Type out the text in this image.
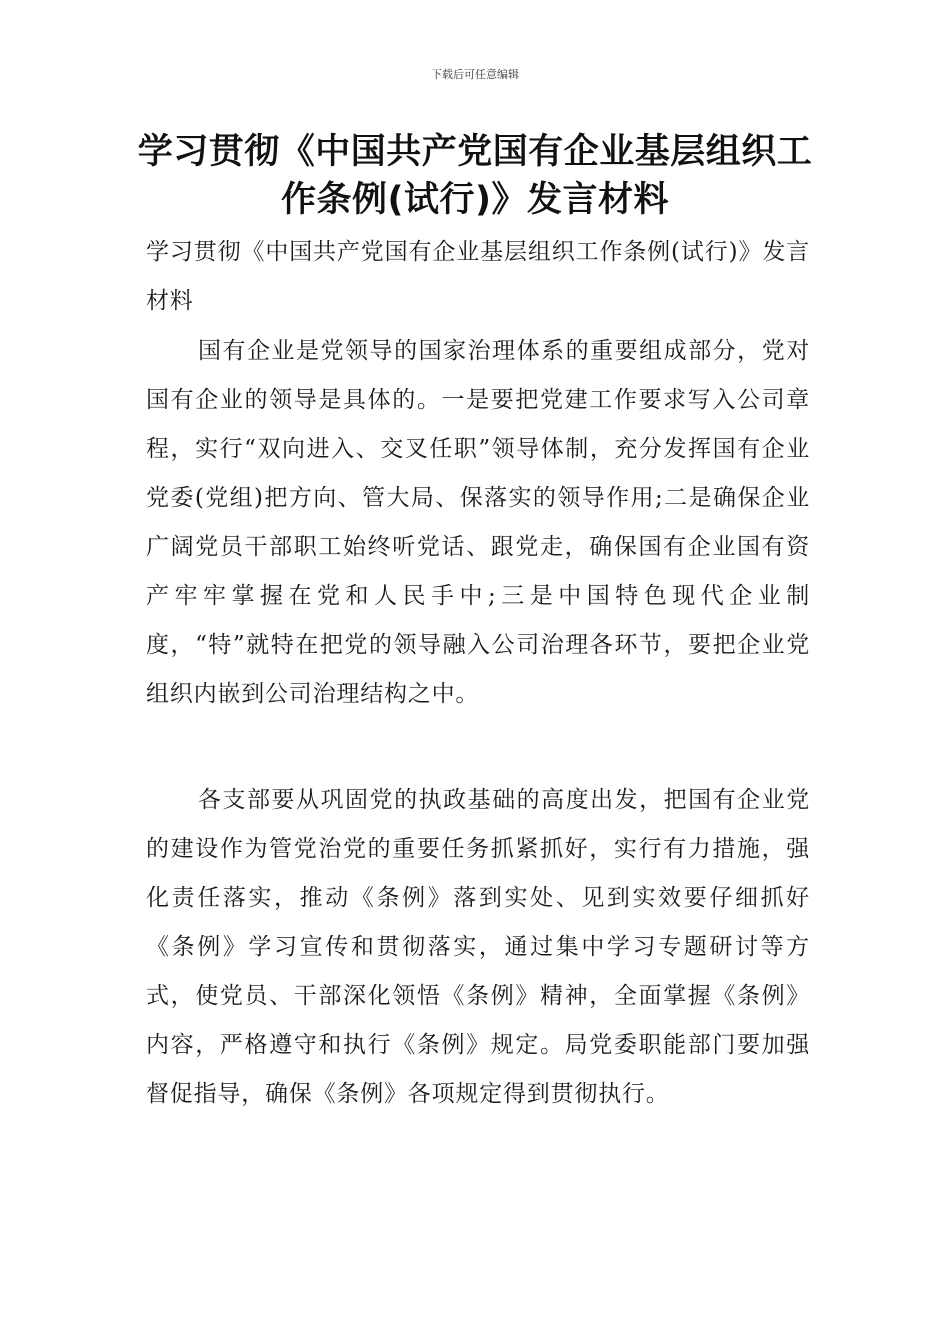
下载后可任意编辑
学习贯彻《中国共产党国有企业基层组织工作条例(试行)》发言材料
学习贯彻《中国共产党国有企业基层组织工作条例(试行)》发言材料
国有企业是党领导的国家治理体系的重要组成部分，党对国有企业的领导是具体的。一是要把党建工作要求写入公司章程，实行“双向进入、交叉任职”领导体制，充分发挥国有企业党委(党组)把方向、管大局、保落实的领导作用;二是确保企业广阔党员干部职工始终听党话、跟党走，确保国有企业国有资产牢牢掌握在党和人民手中;三是中国特色现代企业制度，“特”就特在把党的领导融入公司治理各环节，要把企业党组织内嵌到公司治理结构之中。
各支部要从巩固党的执政基础的高度出发，把国有企业党的建设作为管党治党的重要任务抓紧抓好，实行有力措施，强化责任落实，推动《条例》落到实处、见到实效要仔细抓好《条例》学习宣传和贯彻落实，通过集中学习专题研讨等方式，使党员、干部深化领悟《条例》精神，全面掌握《条例》内容，严格遵守和执行《条例》规定。局党委职能部门要加强督促指导，确保《条例》各项规定得到贯彻执行。
